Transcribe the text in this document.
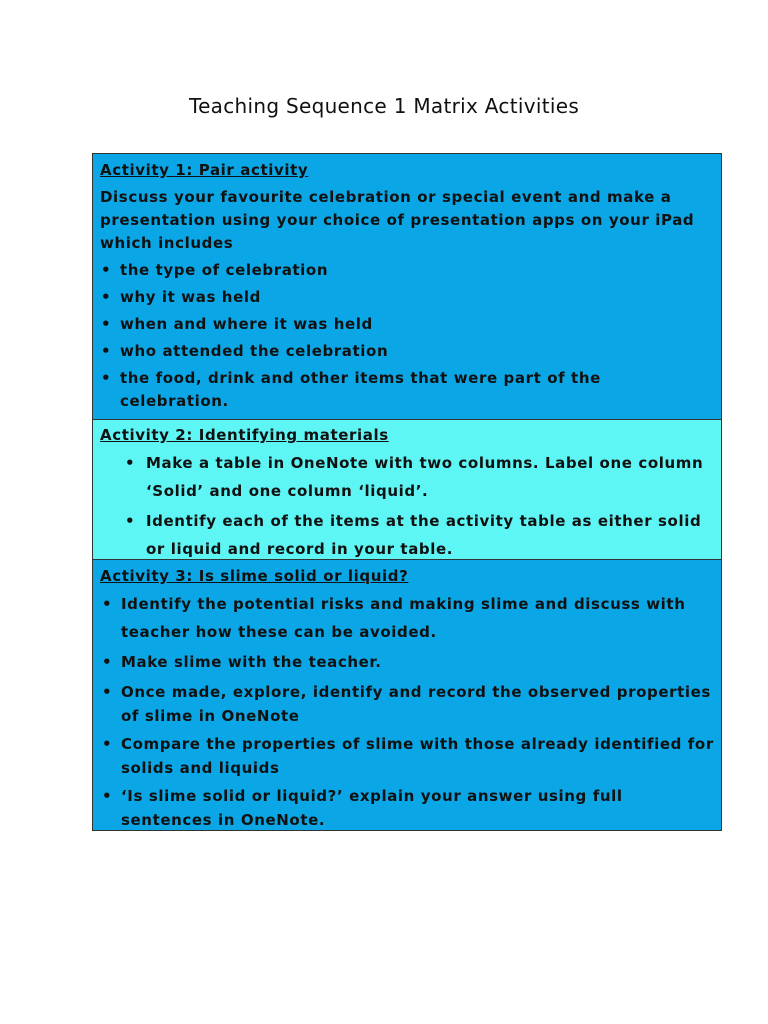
Teaching Sequence 1 Matrix Activities
Activity 1: Pair activity
Discuss your favourite celebration or special event and make a presentation using your choice of presentation apps on your iPad which includes
• the type of celebration
• why it was held
• when and where it was held
• who attended the celebration
• the food, drink and other items that were part of the celebration.
Activity 2: Identifying materials
• Make a table in OneNote with two columns. Label one column ‘Solid’ and one column ‘liquid’.
• Identify each of the items at the activity table as either solid or liquid and record in your table.
Activity 3: Is slime solid or liquid?
• Identify the potential risks and making slime and discuss with teacher how these can be avoided.
• Make slime with the teacher.
• Once made, explore, identify and record the observed properties of slime in OneNote
• Compare the properties of slime with those already identified for solids and liquids
• ‘Is slime solid or liquid?’ explain your answer using full sentences in OneNote.
